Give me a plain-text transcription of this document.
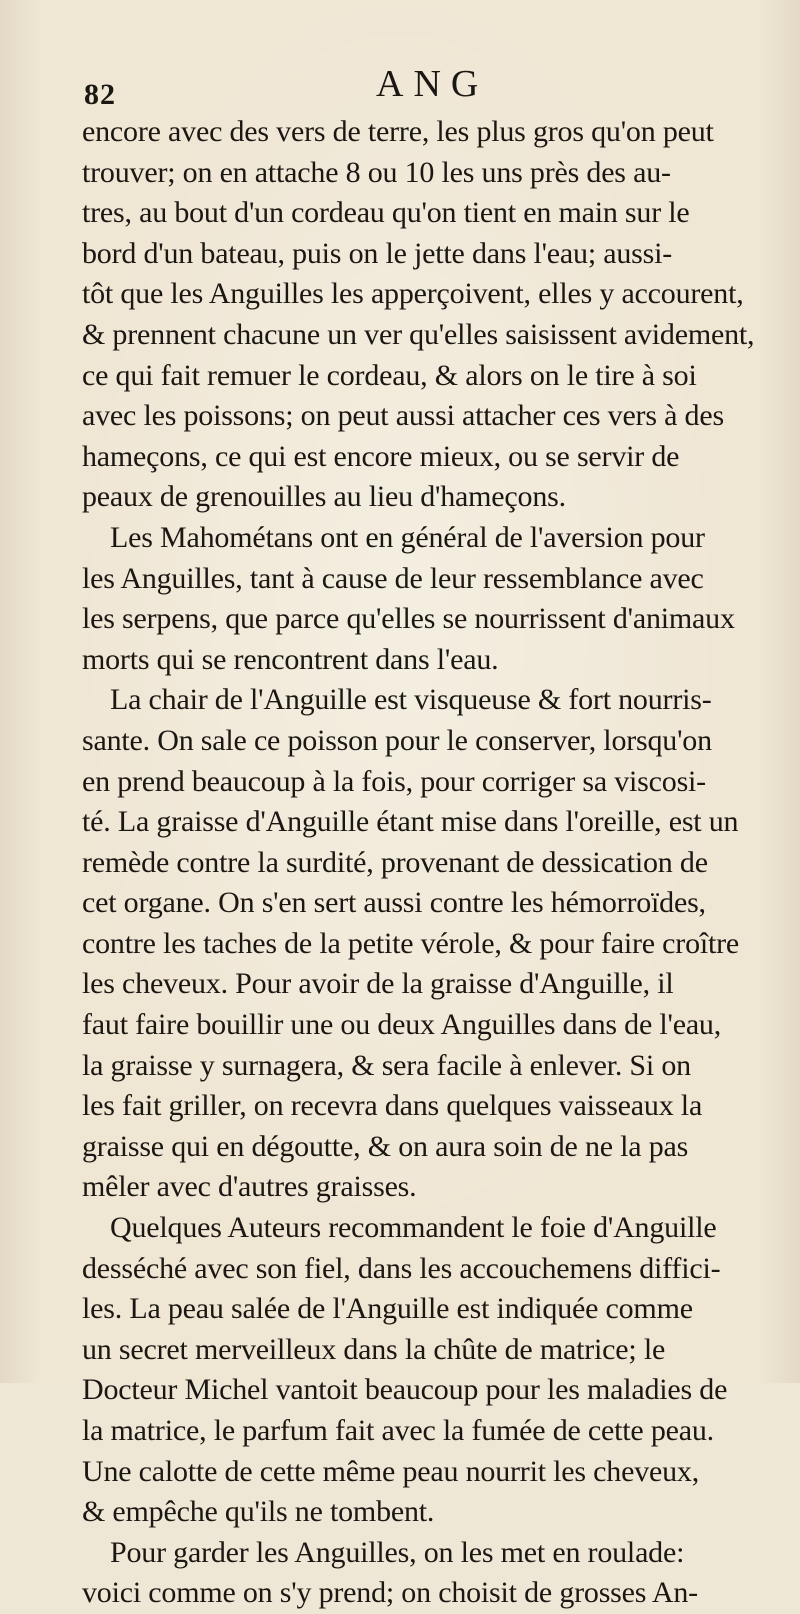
82	ANG
encore avec des vers de terre, les plus gros qu'on peut
trouver; on en attache 8 ou 10 les uns près des au-
tres, au bout d'un cordeau qu'on tient en main sur le
bord d'un bateau, puis on le jette dans l'eau; aussi-
tôt que les Anguilles les apperçoivent, elles y accourent,
& prennent chacune un ver qu'elles saisissent avidement,
ce qui fait remuer le cordeau, & alors on le tire à soi
avec les poissons; on peut aussi attacher ces vers à des
hameçons, ce qui est encore mieux, ou se servir de
peaux de grenouilles au lieu d'hameçons.
Les Mahométans ont en général de l'aversion pour
les Anguilles, tant à cause de leur ressemblance avec
les serpens, que parce qu'elles se nourrissent d'animaux
morts qui se rencontrent dans l'eau.
La chair de l'Anguille est visqueuse & fort nourris-
sante. On sale ce poisson pour le conserver, lorsqu'on
en prend beaucoup à la fois, pour corriger sa viscosi-
té. La graisse d'Anguille étant mise dans l'oreille, est un
remède contre la surdité, provenant de dessication de
cet organe. On s'en sert aussi contre les hémorroïdes,
contre les taches de la petite vérole, & pour faire croître
les cheveux. Pour avoir de la graisse d'Anguille, il
faut faire bouillir une ou deux Anguilles dans de l'eau,
la graisse y surnagera, & sera facile à enlever. Si on
les fait griller, on recevra dans quelques vaisseaux la
graisse qui en dégoutte, & on aura soin de ne la pas
mêler avec d'autres graisses.
Quelques Auteurs recommandent le foie d'Anguille
desséché avec son fiel, dans les accouchemens diffici-
les. La peau salée de l'Anguille est indiquée comme
un secret merveilleux dans la chûte de matrice; le
Docteur Michel vantoit beaucoup pour les maladies de
la matrice, le parfum fait avec la fumée de cette peau.
Une calotte de cette même peau nourrit les cheveux,
& empêche qu'ils ne tombent.
Pour garder les Anguilles, on les met en roulade:
voici comme on s'y prend; on choisit de grosses An-
